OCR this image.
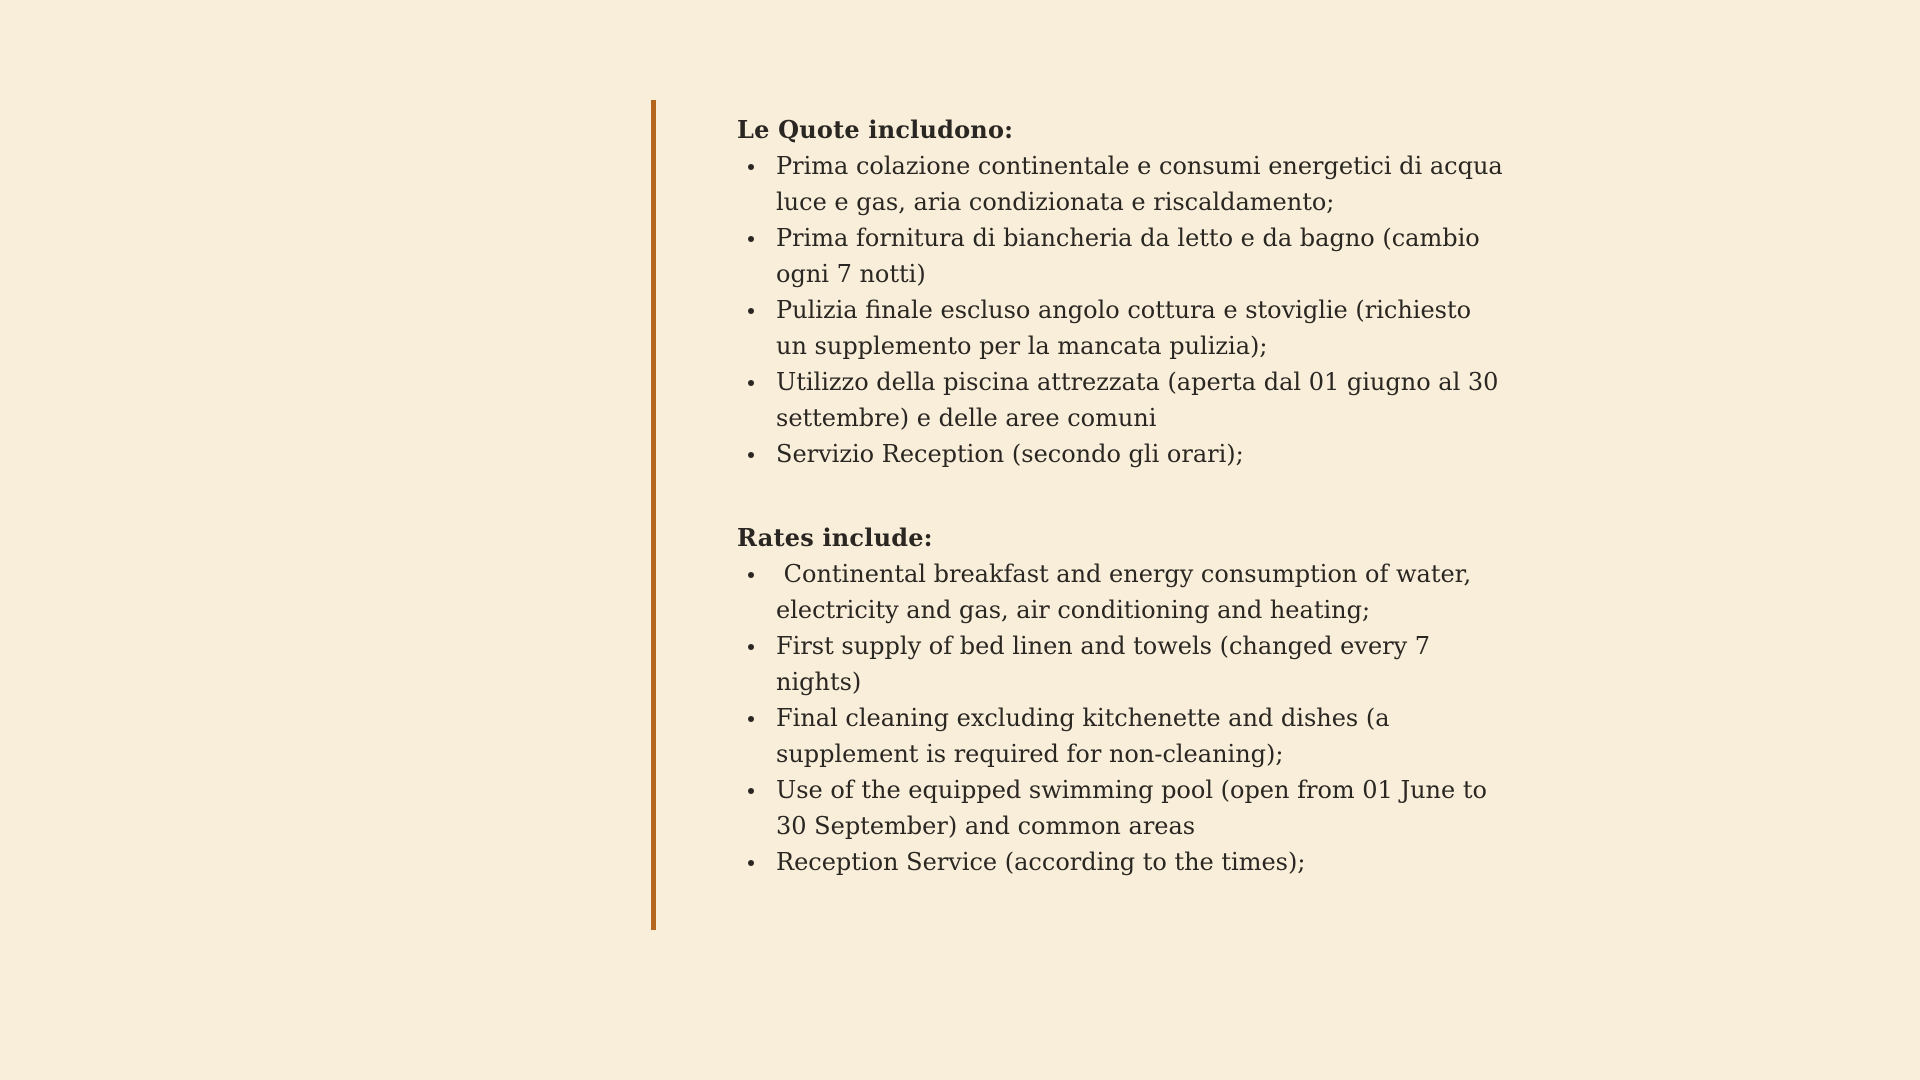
Le Quote includono:

Prima colazione continentale e consumi energetici di acqua luce e gas, aria condizionata e riscaldamento;
Prima fornitura di biancheria da letto e da bagno (cambio ogni 7 notti)
Pulizia finale escluso angolo cottura e stoviglie (richiesto un supplemento per la mancata pulizia);
Utilizzo della piscina attrezzata (aperta dal 01 giugno al 30 settembre) e delle aree comuni
Servizio Reception (secondo gli orari);

Rates include:

Continental breakfast and energy consumption of water, electricity and gas, air conditioning and heating;
First supply of bed linen and towels (changed every 7 nights)
Final cleaning excluding kitchenette and dishes (a supplement is required for non-cleaning);
Use of the equipped swimming pool (open from 01 June to 30 September) and common areas
Reception Service (according to the times);
